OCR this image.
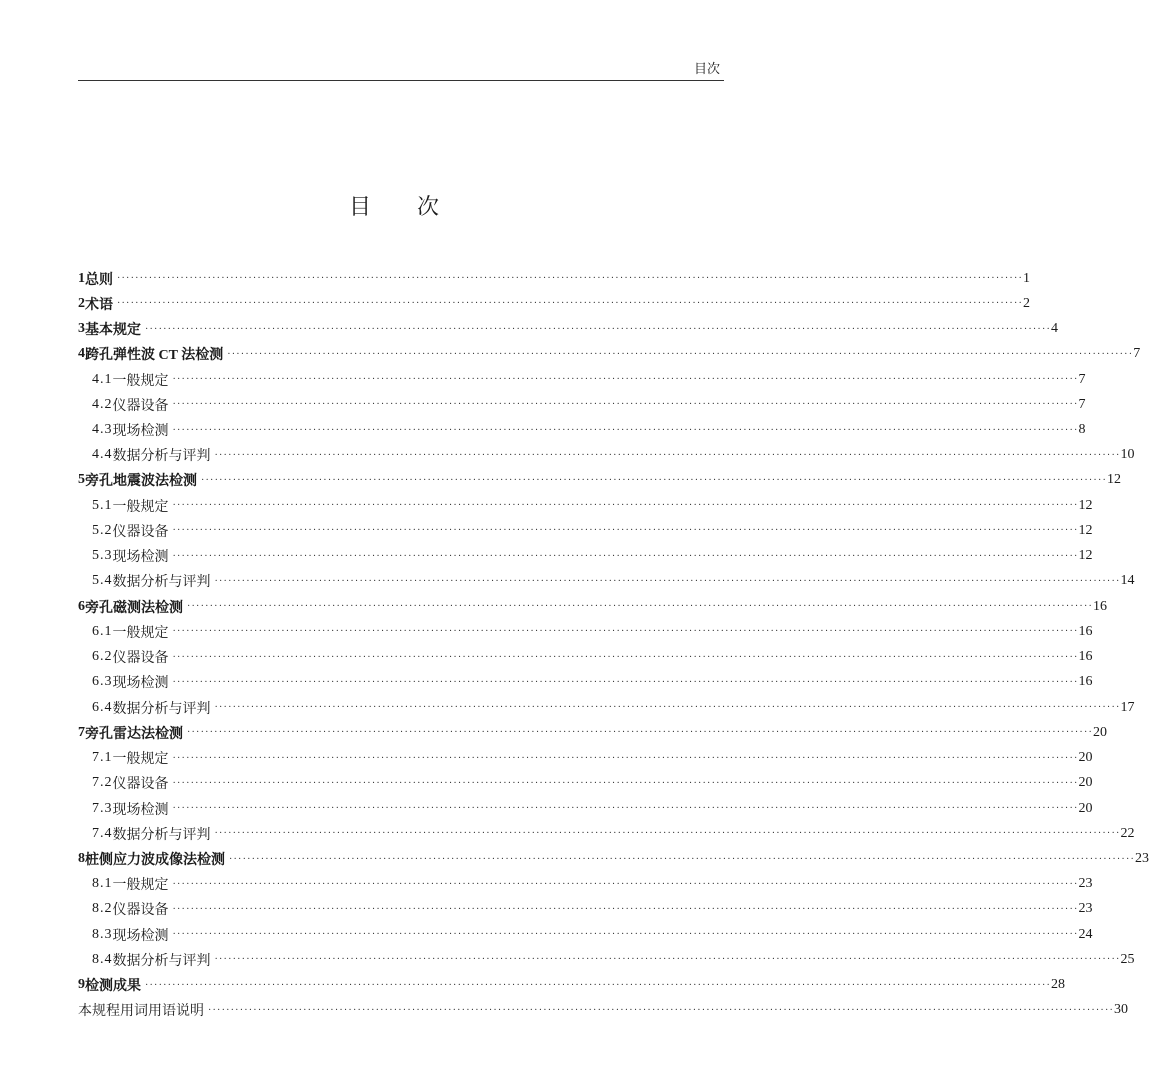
目次
目 次
1 总则 ········································································································································································································ 1
2 术语 ········································································································································································································ 2
3 基本规定 ········································································································································································································ 4
4 跨孔弹性波 CT 法检测 ········································································································································································································ 7
4.1 一般规定 ········································································································································································································ 7
4.2 仪器设备 ········································································································································································································ 7
4.3 现场检测 ········································································································································································································ 8
4.4 数据分析与评判 ········································································································································································································ 10
5 旁孔地震波法检测 ········································································································································································································ 12
5.1 一般规定 ········································································································································································································ 12
5.2 仪器设备 ········································································································································································································ 12
5.3 现场检测 ········································································································································································································ 12
5.4 数据分析与评判 ········································································································································································································ 14
6 旁孔磁测法检测 ········································································································································································································ 16
6.1 一般规定 ········································································································································································································ 16
6.2 仪器设备 ········································································································································································································ 16
6.3 现场检测 ········································································································································································································ 16
6.4 数据分析与评判 ········································································································································································································ 17
7 旁孔雷达法检测 ········································································································································································································ 20
7.1 一般规定 ········································································································································································································ 20
7.2 仪器设备 ········································································································································································································ 20
7.3 现场检测 ········································································································································································································ 20
7.4 数据分析与评判 ········································································································································································································ 22
8 桩侧应力波成像法检测 ········································································································································································································ 23
8.1 一般规定 ········································································································································································································ 23
8.2 仪器设备 ········································································································································································································ 23
8.3 现场检测 ········································································································································································································ 24
8.4 数据分析与评判 ········································································································································································································ 25
9 检测成果 ········································································································································································································ 28
本规程用词用语说明 ········································································································································································································ 30
